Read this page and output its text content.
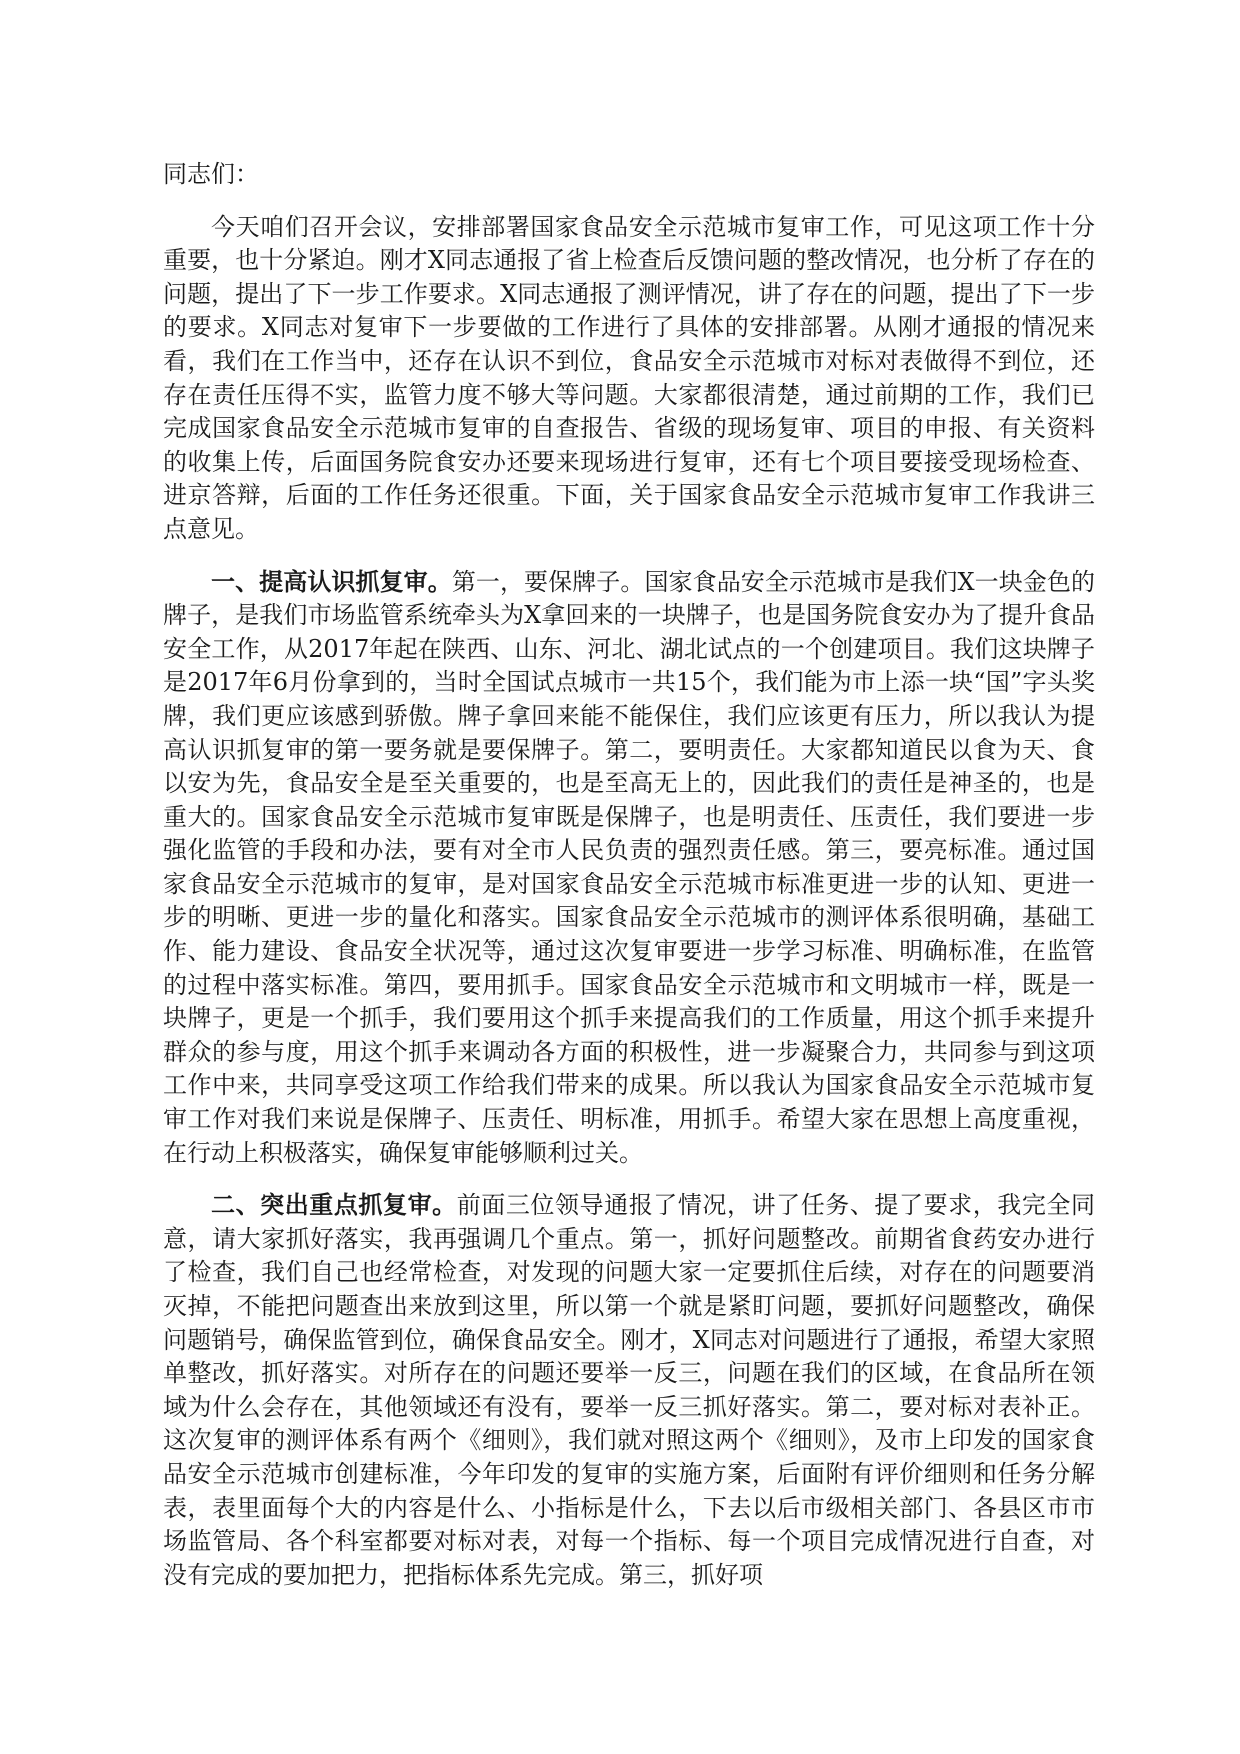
同志们：

今天咱们召开会议，安排部署国家食品安全示范城市复审工作，可见这项工作十分重要，也十分紧迫。刚才X同志通报了省上检查后反馈问题的整改情况，也分析了存在的问题，提出了下一步工作要求。X同志通报了测评情况，讲了存在的问题，提出了下一步的要求。X同志对复审下一步要做的工作进行了具体的安排部署。从刚才通报的情况来看，我们在工作当中，还存在认识不到位，食品安全示范城市对标对表做得不到位，还存在责任压得不实，监管力度不够大等问题。大家都很清楚，通过前期的工作，我们已完成国家食品安全示范城市复审的自查报告、省级的现场复审、项目的申报、有关资料的收集上传，后面国务院食安办还要来现场进行复审，还有七个项目要接受现场检查、进京答辩，后面的工作任务还很重。下面，关于国家食品安全示范城市复审工作我讲三点意见。

一、提高认识抓复审。第一，要保牌子。国家食品安全示范城市是我们X一块金色的牌子，是我们市场监管系统牵头为X拿回来的一块牌子，也是国务院食安办为了提升食品安全工作，从2017年起在陕西、山东、河北、湖北试点的一个创建项目。我们这块牌子是2017年6月份拿到的，当时全国试点城市一共15个，我们能为市上添一块“国”字头奖牌，我们更应该感到骄傲。牌子拿回来能不能保住，我们应该更有压力，所以我认为提高认识抓复审的第一要务就是要保牌子。第二，要明责任。大家都知道民以食为天、食以安为先，食品安全是至关重要的，也是至高无上的，因此我们的责任是神圣的，也是重大的。国家食品安全示范城市复审既是保牌子，也是明责任、压责任，我们要进一步强化监管的手段和办法，要有对全市人民负责的强烈责任感。第三，要亮标准。通过国家食品安全示范城市的复审，是对国家食品安全示范城市标准更进一步的认知、更进一步的明晰、更进一步的量化和落实。国家食品安全示范城市的测评体系很明确，基础工作、能力建设、食品安全状况等，通过这次复审要进一步学习标准、明确标准，在监管的过程中落实标准。第四，要用抓手。国家食品安全示范城市和文明城市一样，既是一块牌子，更是一个抓手，我们要用这个抓手来提高我们的工作质量，用这个抓手来提升群众的参与度，用这个抓手来调动各方面的积极性，进一步凝聚合力，共同参与到这项工作中来，共同享受这项工作给我们带来的成果。所以我认为国家食品安全示范城市复审工作对我们来说是保牌子、压责任、明标准，用抓手。希望大家在思想上高度重视，在行动上积极落实，确保复审能够顺利过关。

二、突出重点抓复审。前面三位领导通报了情况，讲了任务、提了要求，我完全同意，请大家抓好落实，我再强调几个重点。第一，抓好问题整改。前期省食药安办进行了检查，我们自己也经常检查，对发现的问题大家一定要抓住后续，对存在的问题要消灭掉，不能把问题查出来放到这里，所以第一个就是紧盯问题，要抓好问题整改，确保问题销号，确保监管到位，确保食品安全。刚才，X同志对问题进行了通报，希望大家照单整改，抓好落实。对所存在的问题还要举一反三，问题在我们的区域，在食品所在领域为什么会存在，其他领域还有没有，要举一反三抓好落实。第二，要对标对表补正。这次复审的测评体系有两个《细则》，我们就对照这两个《细则》，及市上印发的国家食品安全示范城市创建标准，今年印发的复审的实施方案，后面附有评价细则和任务分解表，表里面每个大的内容是什么、小指标是什么，下去以后市级相关部门、各县区市市场监管局、各个科室都要对标对表，对每一个指标、每一个项目完成情况进行自查，对没有完成的要加把力，把指标体系先完成。第三，抓好项
